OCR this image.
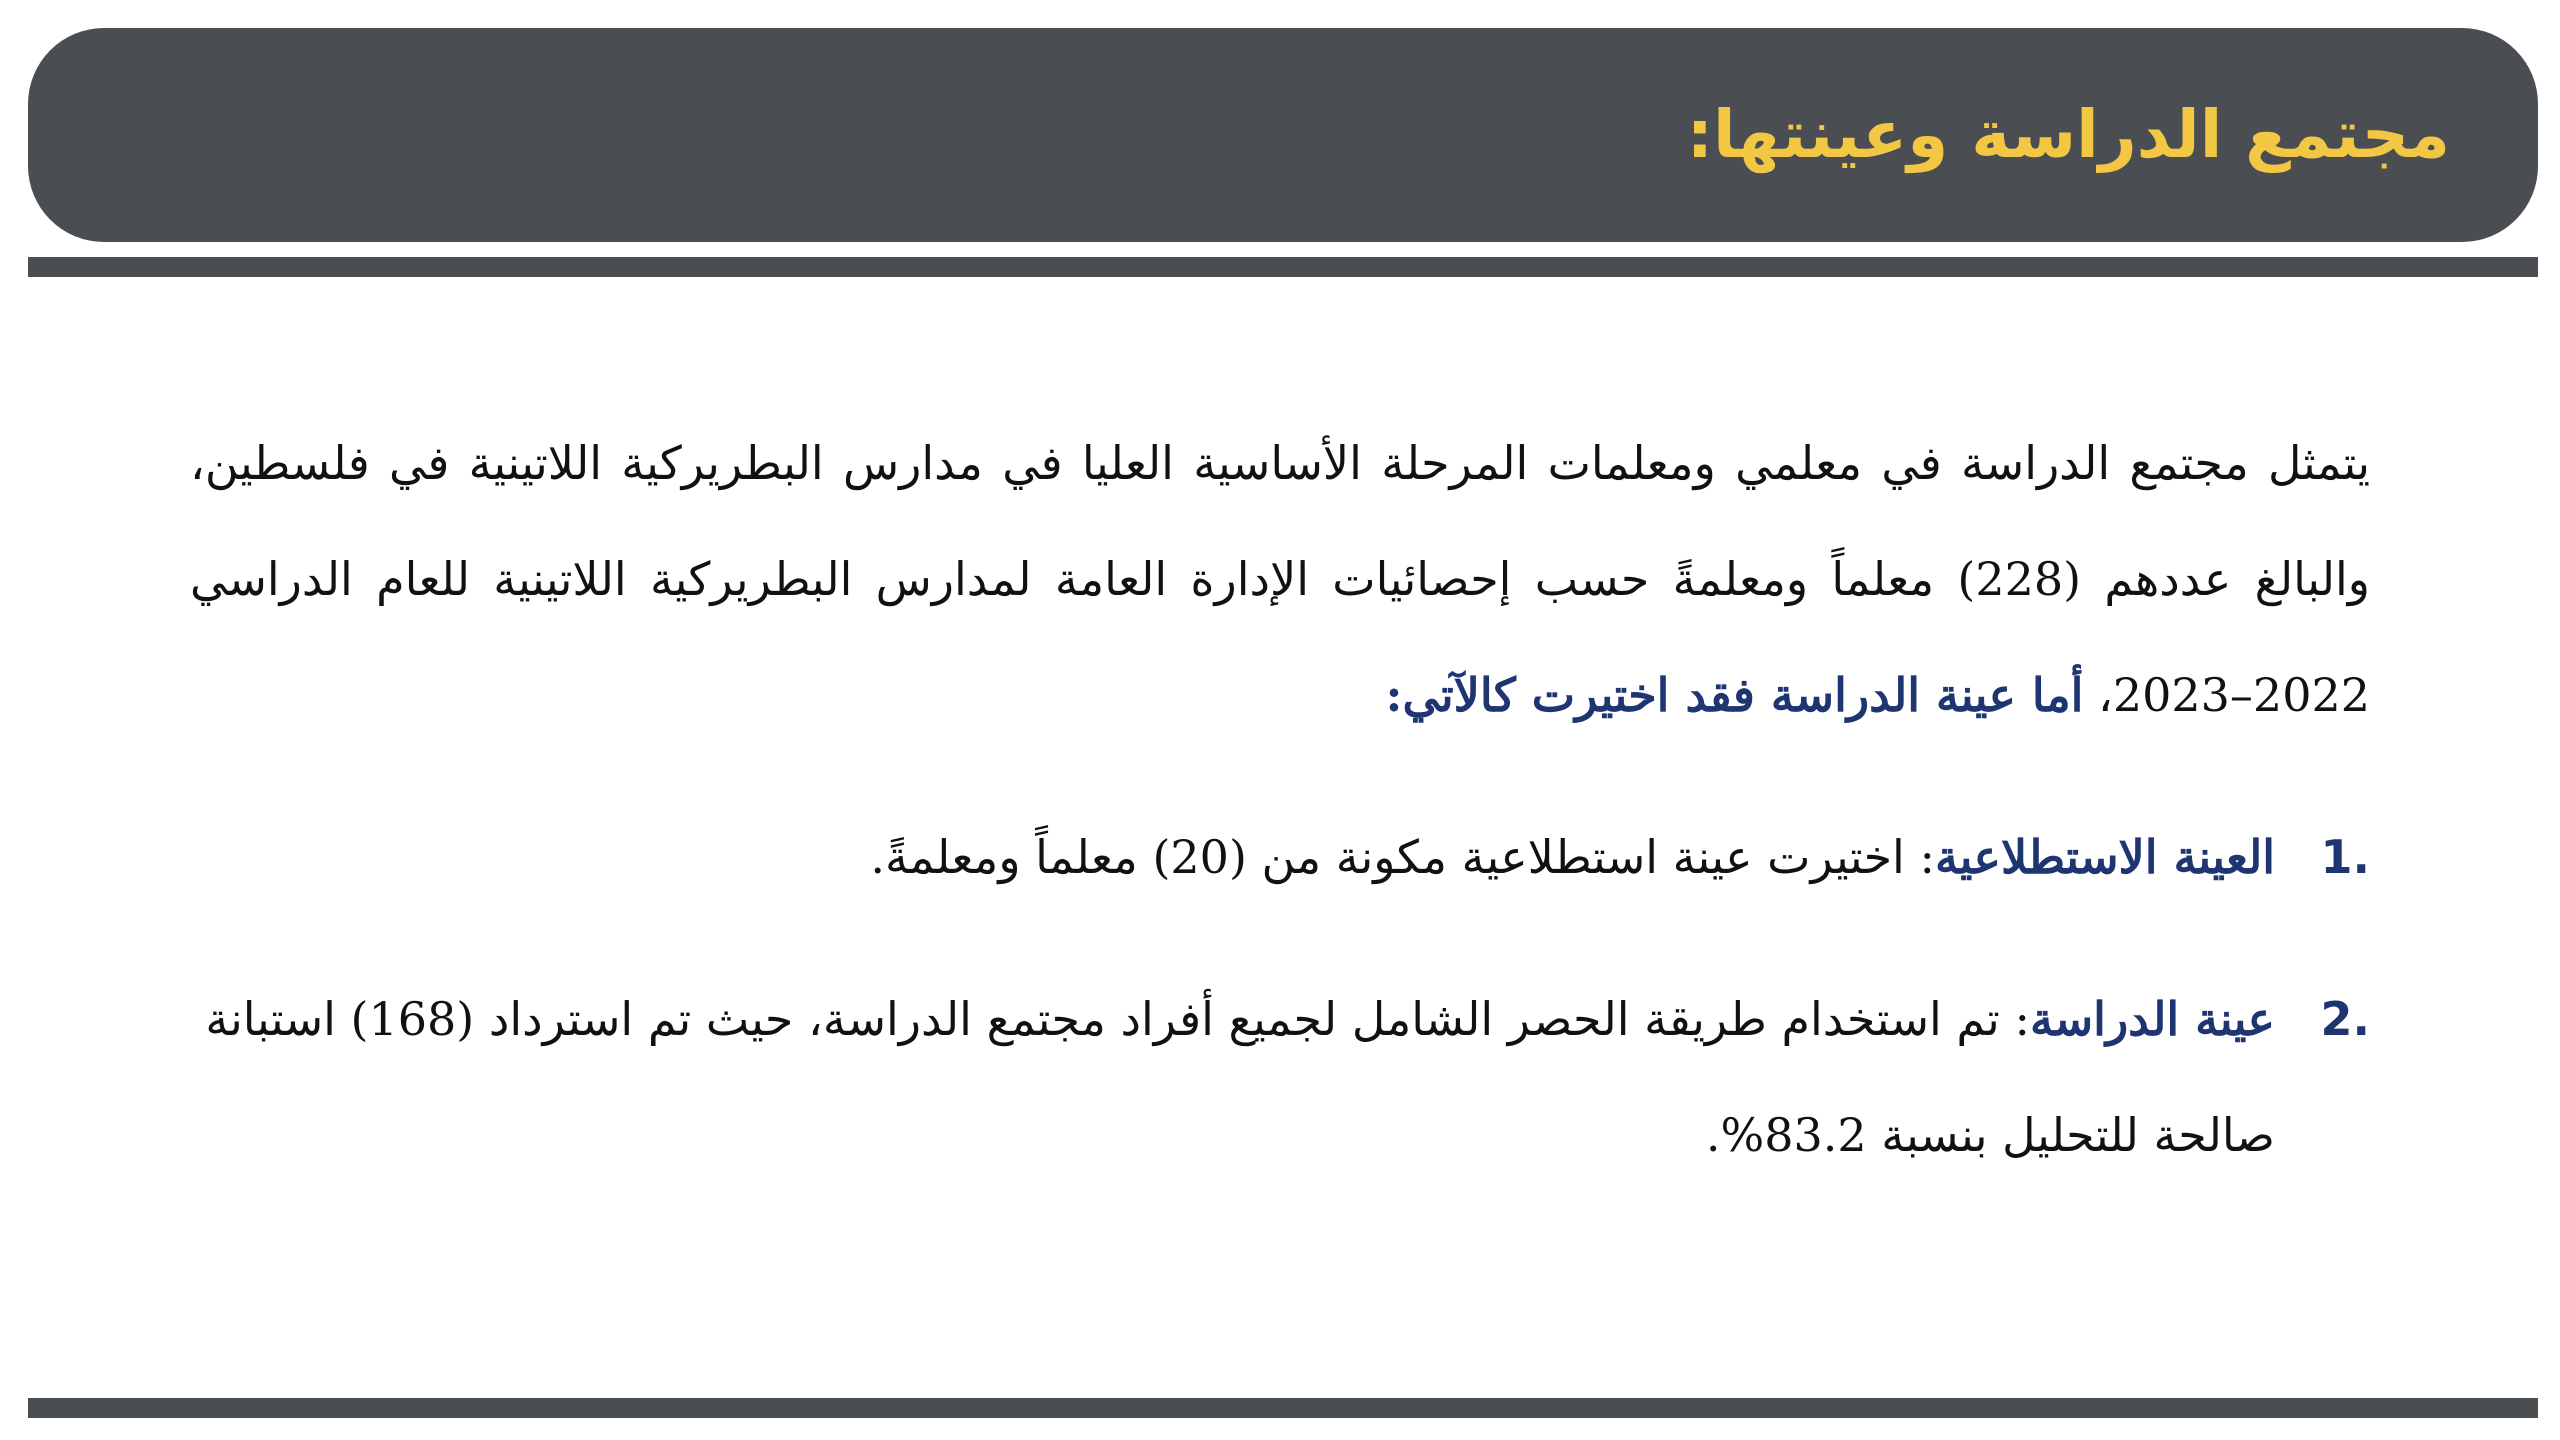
مجتمع الدراسة وعينتها:

يتمثل مجتمع الدراسة في معلمي ومعلمات المرحلة الأساسية العليا في مدارس البطريركية اللاتينية في فلسطين، والبالغ عددهم (228) معلماً ومعلمةً حسب إحصائيات الإدارة العامة لمدارس البطريركية اللاتينية للعام الدراسي 2022–2023، أما عينة الدراسة فقد اختيرت كالآتي:

.1
العينة الاستطلاعية: اختيرت عينة استطلاعية مكونة من (20) معلماً ومعلمةً.
.2
عينة الدراسة: تم استخدام طريقة الحصر الشامل لجميع أفراد مجتمع الدراسة، حيث تم استرداد (168) استبانة صالحة للتحليل بنسبة 83.2%.
